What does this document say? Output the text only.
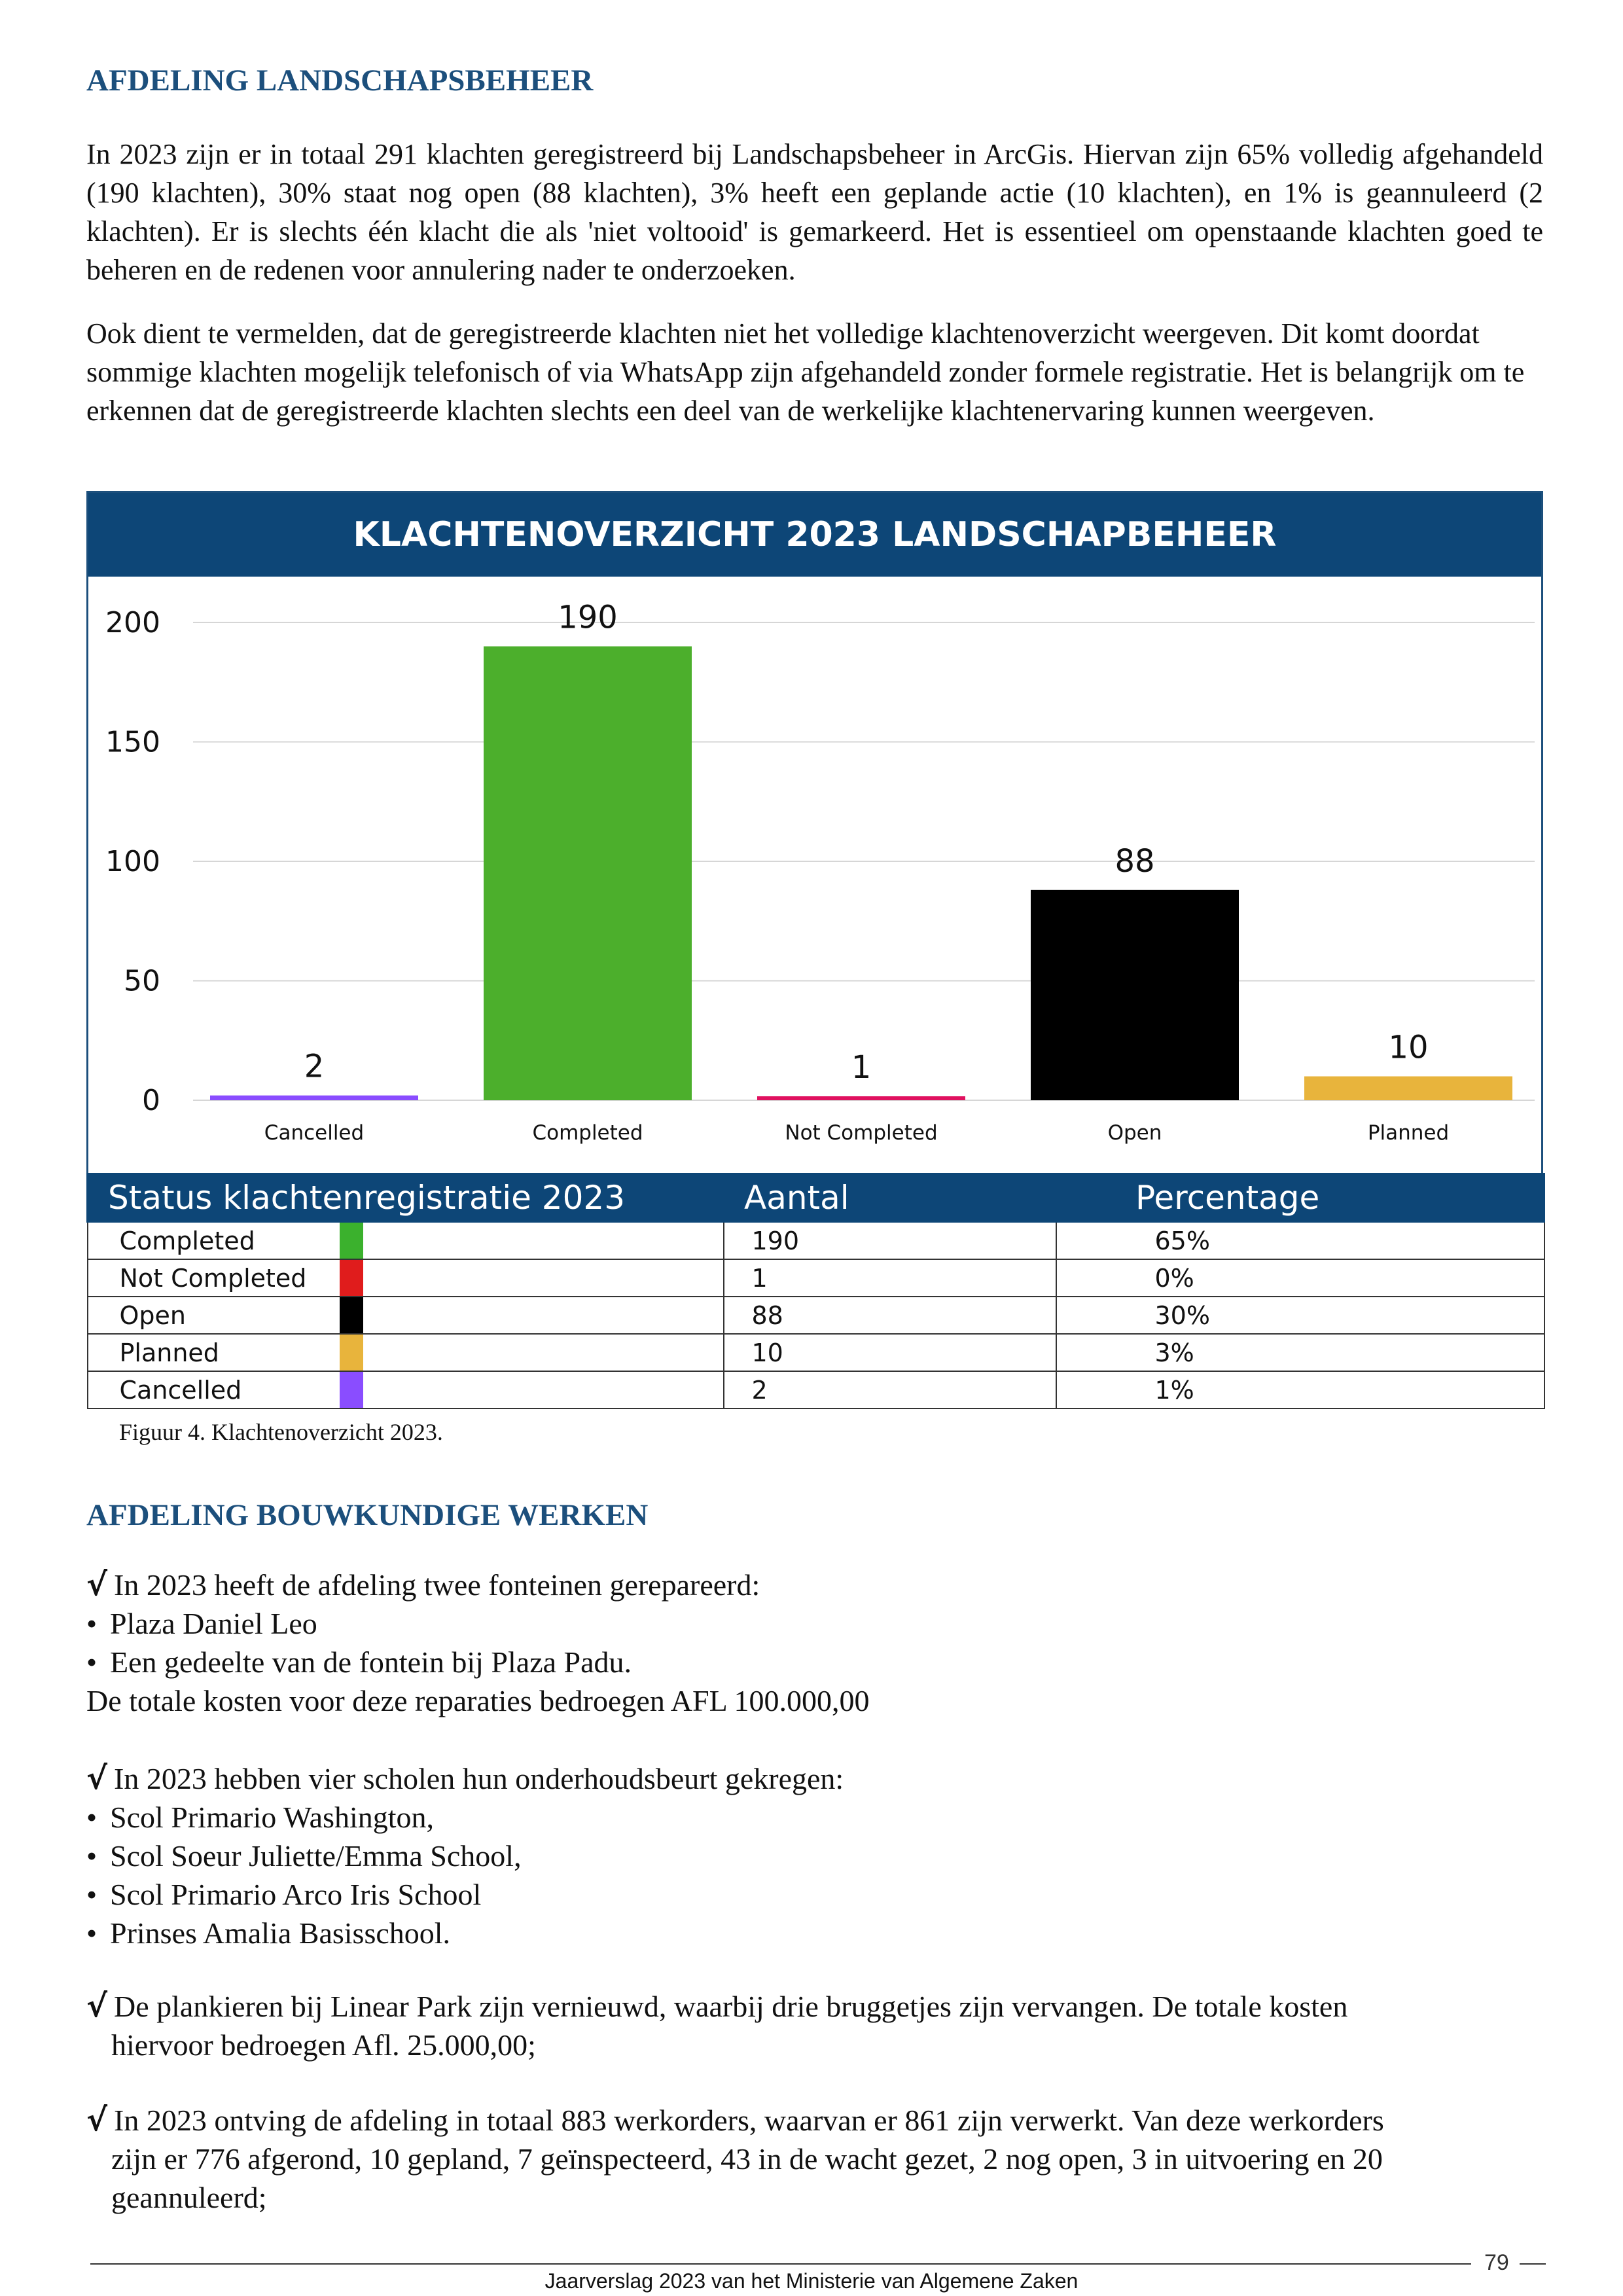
AFDELING LANDSCHAPSBEHEER

In 2023 zijn er in totaal 291 klachten geregistreerd bij Landschapsbeheer in ArcGis. Hiervan zijn 65% volledig afgehandeld (190 klachten), 30% staat nog open (88 klachten), 3% heeft een geplande actie (10 klachten), en 1% is geannuleerd (2 klachten). Er is slechts één klacht die als 'niet voltooid' is gemarkeerd. Het is essentieel om openstaande klachten goed te beheren en de redenen voor annulering nader te onderzoeken.

Ook dient te vermelden, dat de geregistreerde klachten niet het volledige klachtenoverzicht weergeven. Dit komt doordat sommige klachten mogelijk telefonisch of via WhatsApp zijn afgehandeld zonder formele registratie. Het is belangrijk om te erkennen dat de geregistreerde klachten slechts een deel van de werkelijke klachtenervaring kunnen weergeven.

KLACHTENOVERZICHT 2023 LANDSCHAPBEHEER
0
50
100
150
200
2
Cancelled
190
Completed
1
Not Completed
88
Open
10
Planned
Status klachtenregistratie 2023	Aantal	Percentage
Completed	190	65%
Not Completed	1	0%
Open	88	30%
Planned	10	3%
Cancelled	2	1%

Figuur 4. Klachtenoverzicht 2023.

AFDELING BOUWKUNDIGE WERKEN

√ In 2023 heeft de afdeling twee fonteinen gerepareerd:

• Plaza Daniel Leo

• Een gedeelte van de fontein bij Plaza Padu.

De totale kosten voor deze reparaties bedroegen AFL 100.000,00

√ In 2023 hebben vier scholen hun onderhoudsbeurt gekregen:

• Scol Primario Washington,

• Scol Soeur Juliette/Emma School,

• Scol Primario Arco Iris School

• Prinses Amalia Basisschool.

√ De plankieren bij Linear Park zijn vernieuwd, waarbij drie bruggetjes zijn vervangen. De totale kosten

hiervoor bedroegen Afl. 25.000,00;

√ In 2023 ontving de afdeling in totaal 883 werkorders, waarvan er 861 zijn verwerkt. Van deze werkorders

zijn er 776 afgerond, 10 gepland, 7 geïnspecteerd, 43 in de wacht gezet, 2 nog open, 3 in uitvoering en 20

geannuleerd;

79
Jaarverslag 2023 van het Ministerie van Algemene Zaken
